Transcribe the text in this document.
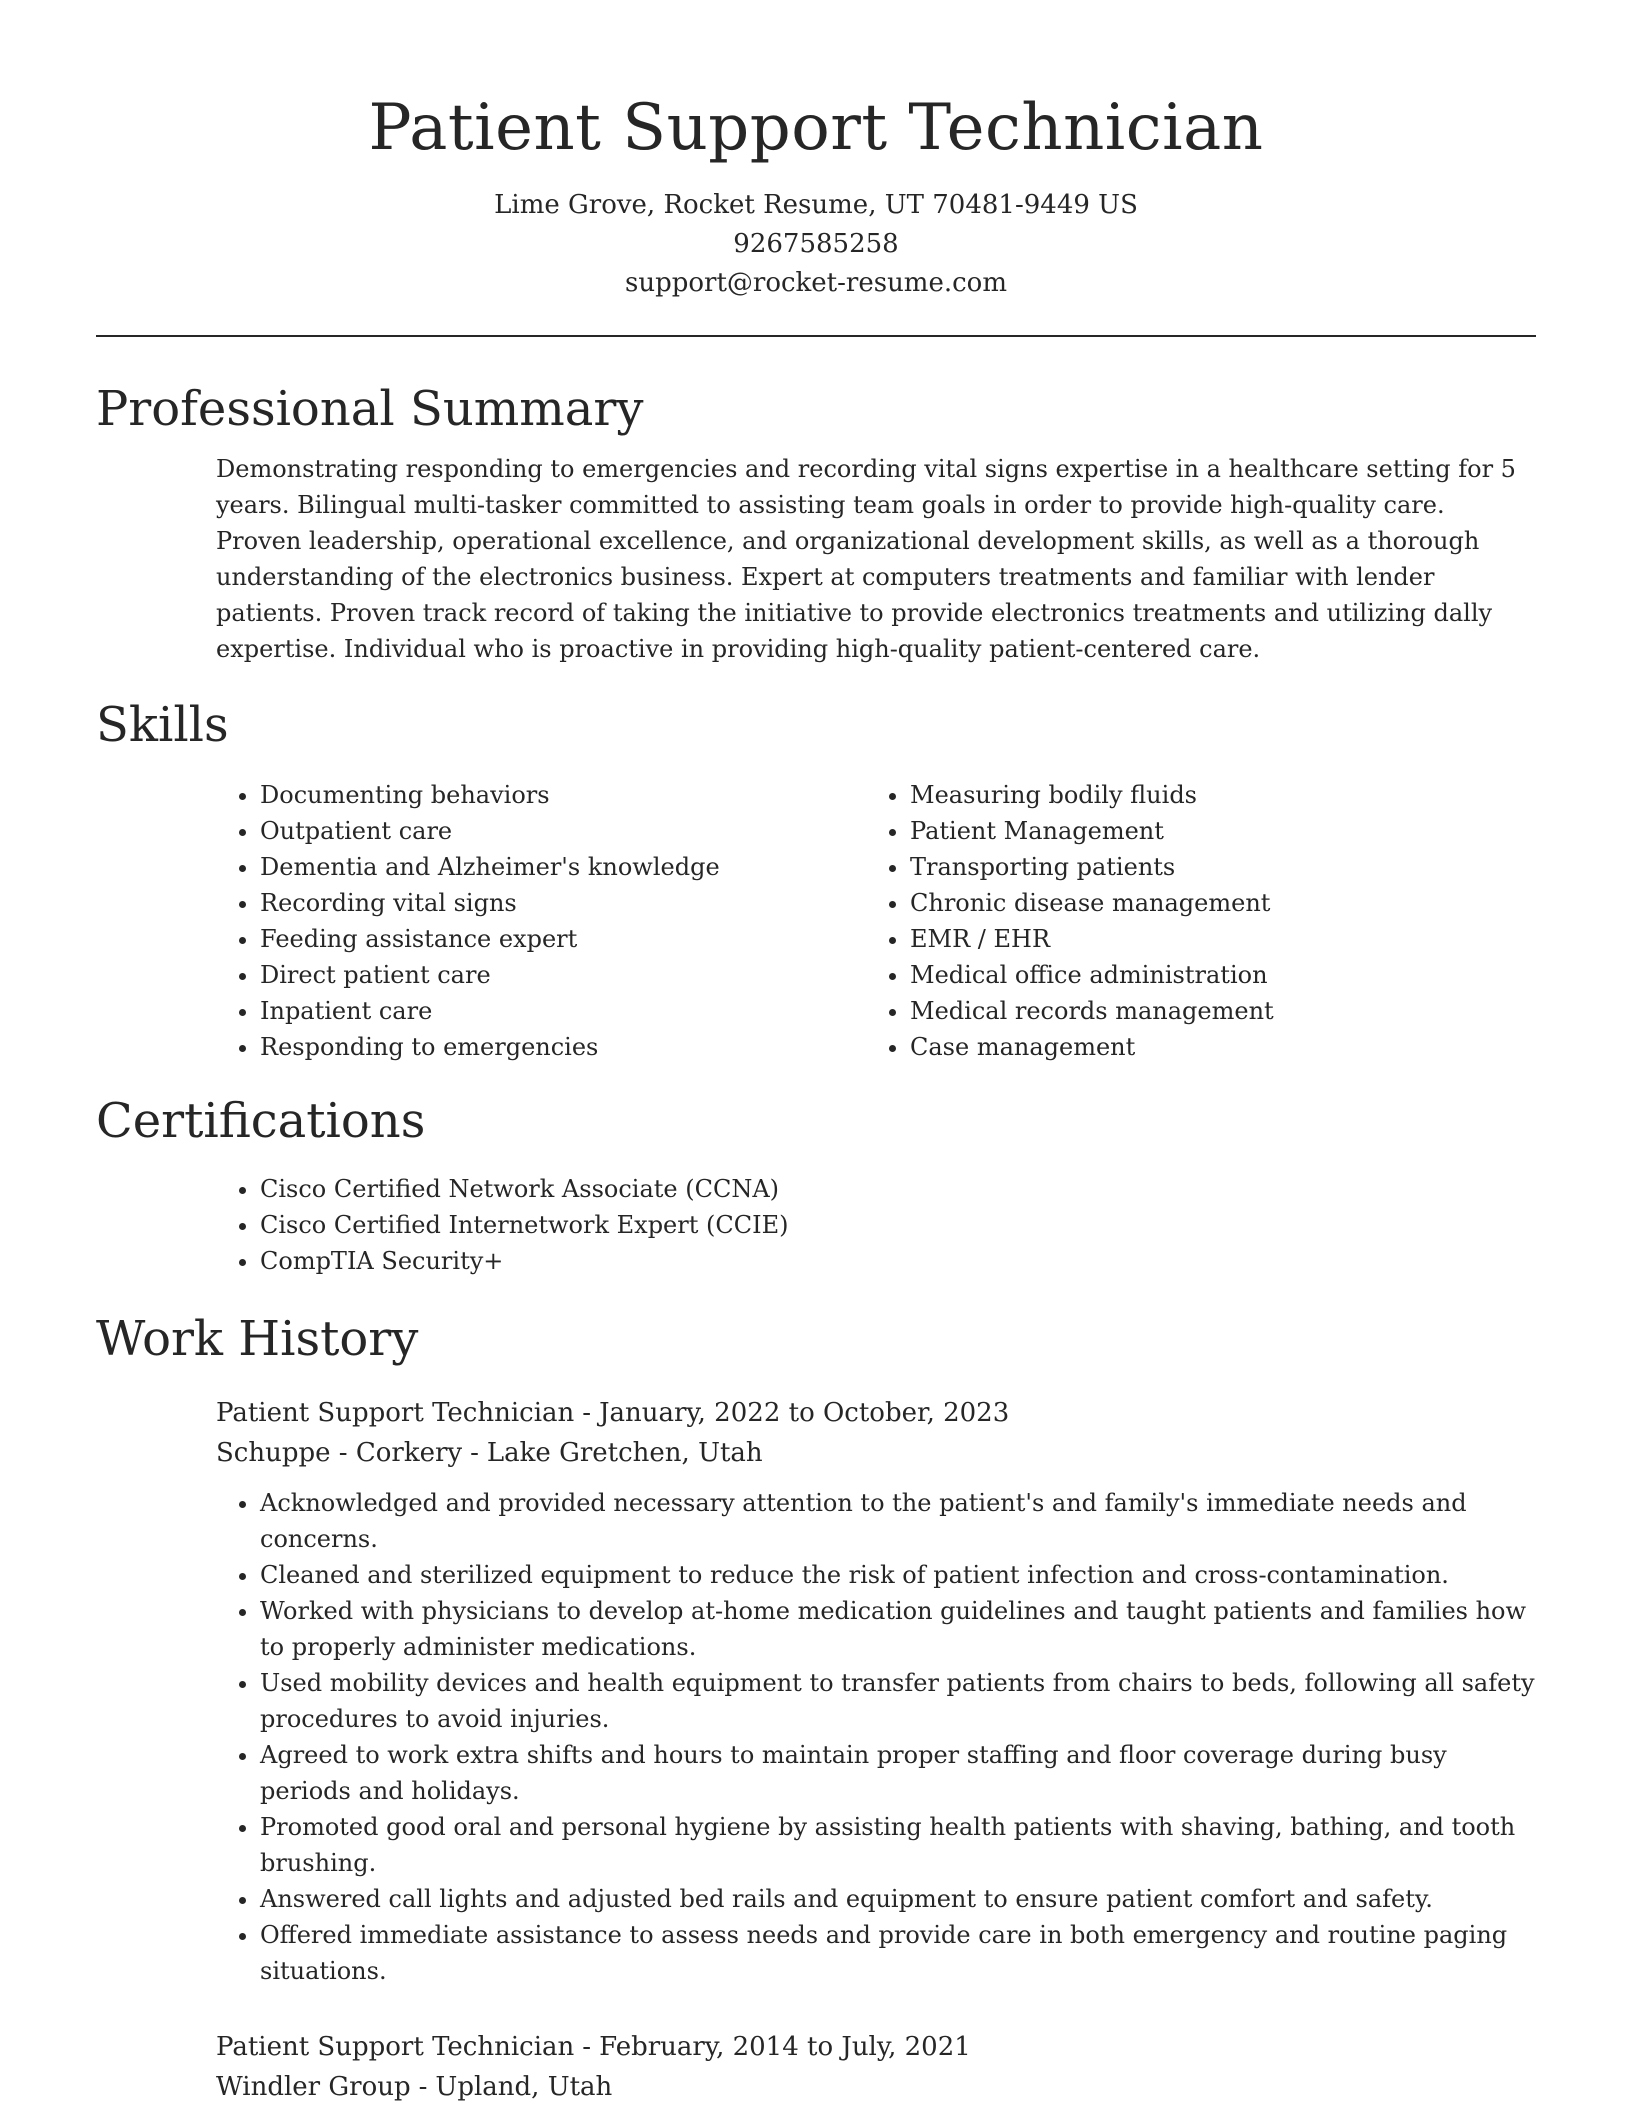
Patient Support Technician
Lime Grove, Rocket Resume, UT 70481-9449 US
9267585258
support@rocket-resume.com
Professional Summary

Demonstrating responding to emergencies and recording vital signs expertise in a healthcare setting for 5 years. Bilingual multi-tasker committed to assisting team goals in order to provide high-quality care. Proven leadership, operational excellence, and organizational development skills, as well as a thorough understanding of the electronics business. Expert at computers treatments and familiar with lender patients. Proven track record of taking the initiative to provide electronics treatments and utilizing dally expertise. Individual who is proactive in providing high-quality patient-centered care.

Skills
• Documenting behaviors
• Outpatient care
• Dementia and Alzheimer's knowledge
• Recording vital signs
• Feeding assistance expert
• Direct patient care
• Inpatient care
• Responding to emergencies
• Measuring bodily fluids
• Patient Management
• Transporting patients
• Chronic disease management
• EMR / EHR
• Medical office administration
• Medical records management
• Case management
Certifications
• Cisco Certified Network Associate (CCNA)
• Cisco Certified Internetwork Expert (CCIE)
• CompTIA Security+
Work History
Patient Support Technician - January, 2022 to October, 2023
Schuppe - Corkery - Lake Gretchen, Utah
• Acknowledged and provided necessary attention to the patient's and family's immediate needs and concerns.
• Cleaned and sterilized equipment to reduce the risk of patient infection and cross-contamination.
• Worked with physicians to develop at-home medication guidelines and taught patients and families how to properly administer medications.
• Used mobility devices and health equipment to transfer patients from chairs to beds, following all safety procedures to avoid injuries.
• Agreed to work extra shifts and hours to maintain proper staffing and floor coverage during busy periods and holidays.
• Promoted good oral and personal hygiene by assisting health patients with shaving, bathing, and tooth brushing.
• Answered call lights and adjusted bed rails and equipment to ensure patient comfort and safety.
• Offered immediate assistance to assess needs and provide care in both emergency and routine paging situations.
Patient Support Technician - February, 2014 to July, 2021
Windler Group - Upland, Utah
